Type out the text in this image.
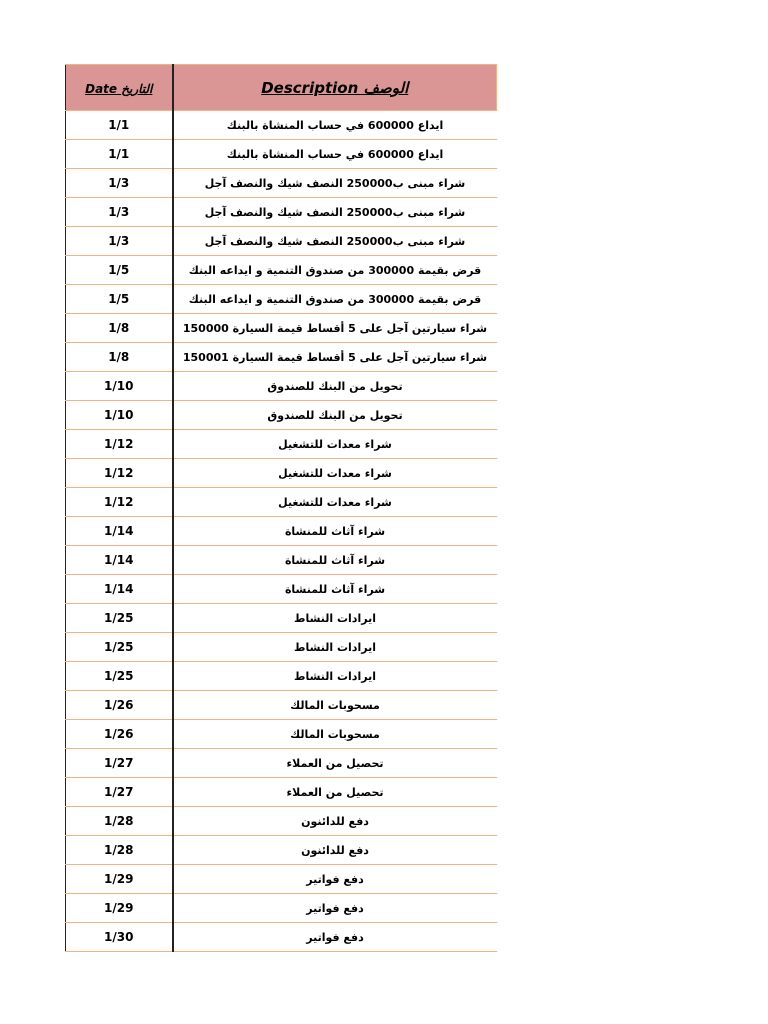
Date التاريخ	Description الوصف
1/1	ايداع 600000 في حساب المنشاة بالبنك
1/1	ايداع 600000 في حساب المنشاة بالبنك
1/3	شراء مبنى ب250000 النصف شيك والنصف آجل
1/3	شراء مبنى ب250000 النصف شيك والنصف آجل
1/3	شراء مبنى ب250000 النصف شيك والنصف آجل
1/5	قرض بقيمة 300000 من صندوق التنمية و ايداعه البنك
1/5	قرض بقيمة 300000 من صندوق التنمية و ايداعه البنك
1/8	شراء سيارتين آجل على 5 أقساط قيمة السيارة 150000
1/8	شراء سيارتين آجل على 5 أقساط قيمة السيارة 150001
1/10	تحويل من البنك للصندوق
1/10	تحويل من البنك للصندوق
1/12	شراء معدات للتشغيل
1/12	شراء معدات للتشغيل
1/12	شراء معدات للتشغيل
1/14	شراء آثاث للمنشاة
1/14	شراء آثاث للمنشاة
1/14	شراء آثاث للمنشاة
1/25	ايرادات النشاط
1/25	ايرادات النشاط
1/25	ايرادات النشاط
1/26	مسحوبات المالك
1/26	مسحوبات المالك
1/27	تحصيل من العملاء
1/27	تحصيل من العملاء
1/28	دفع للدائنون
1/28	دفع للدائنون
1/29	دفع فواتير
1/29	دفع فواتير
1/30	دفع فواتير
